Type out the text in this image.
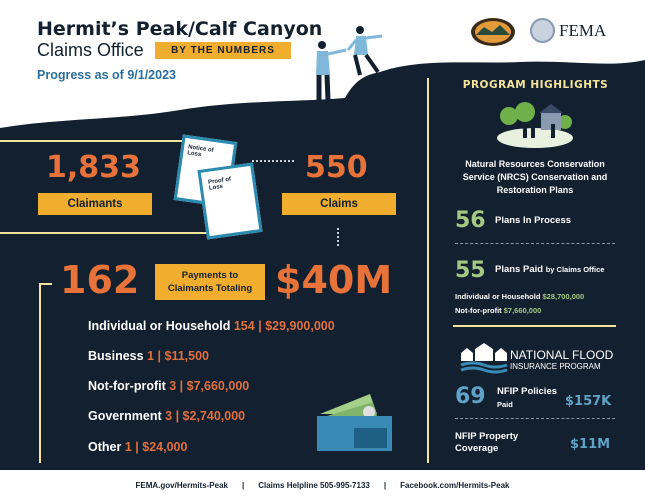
Hermit’s Peak/Calf Canyon
Claims Office	BY THE NUMBERS
Progress as of 9/1/2023
FEMA
1,833
Claimants
550
Claims
Notice of Loss
Proof of Loss
162	Payments to Claimants Totaling $40M
Individual or Household 154 | $29,900,000
Business 1 | $11,500
Not-for-profit 3 | $7,660,000
Government 3 | $2,740,000
Other 1 | $24,000
PROGRAM HIGHLIGHTS
Natural Resources Conservation Service (NRCS) Conservation and Restoration Plans
56 Plans In Process
55 Plans Paid by Claims Office
Individual or Household $28,700,000
Not-for-profit $7,660,000
NATIONAL FLOOD
INSURANCE PROGRAM
69 NFIP Policies
Paid	$157K
NFIP Property Coverage	$11M
FEMA.gov/Hermits-Peak | Claims Helpline 505-995-7133 | Facebook.com/Hermits-Peak
